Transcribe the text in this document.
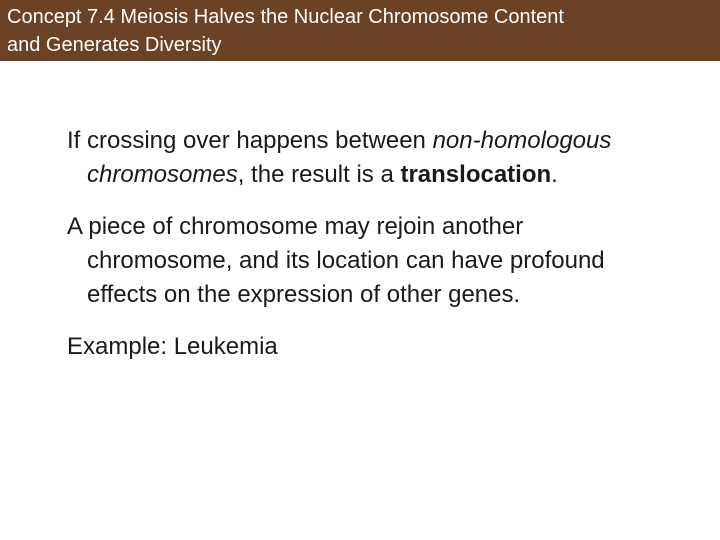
Concept 7.4 Meiosis Halves the Nuclear Chromosome Content
and Generates Diversity

If crossing over happens between non-homologous chromosomes, the result is a translocation.

A piece of chromosome may rejoin another chromosome, and its location can have profound effects on the expression of other genes.

Example: Leukemia
